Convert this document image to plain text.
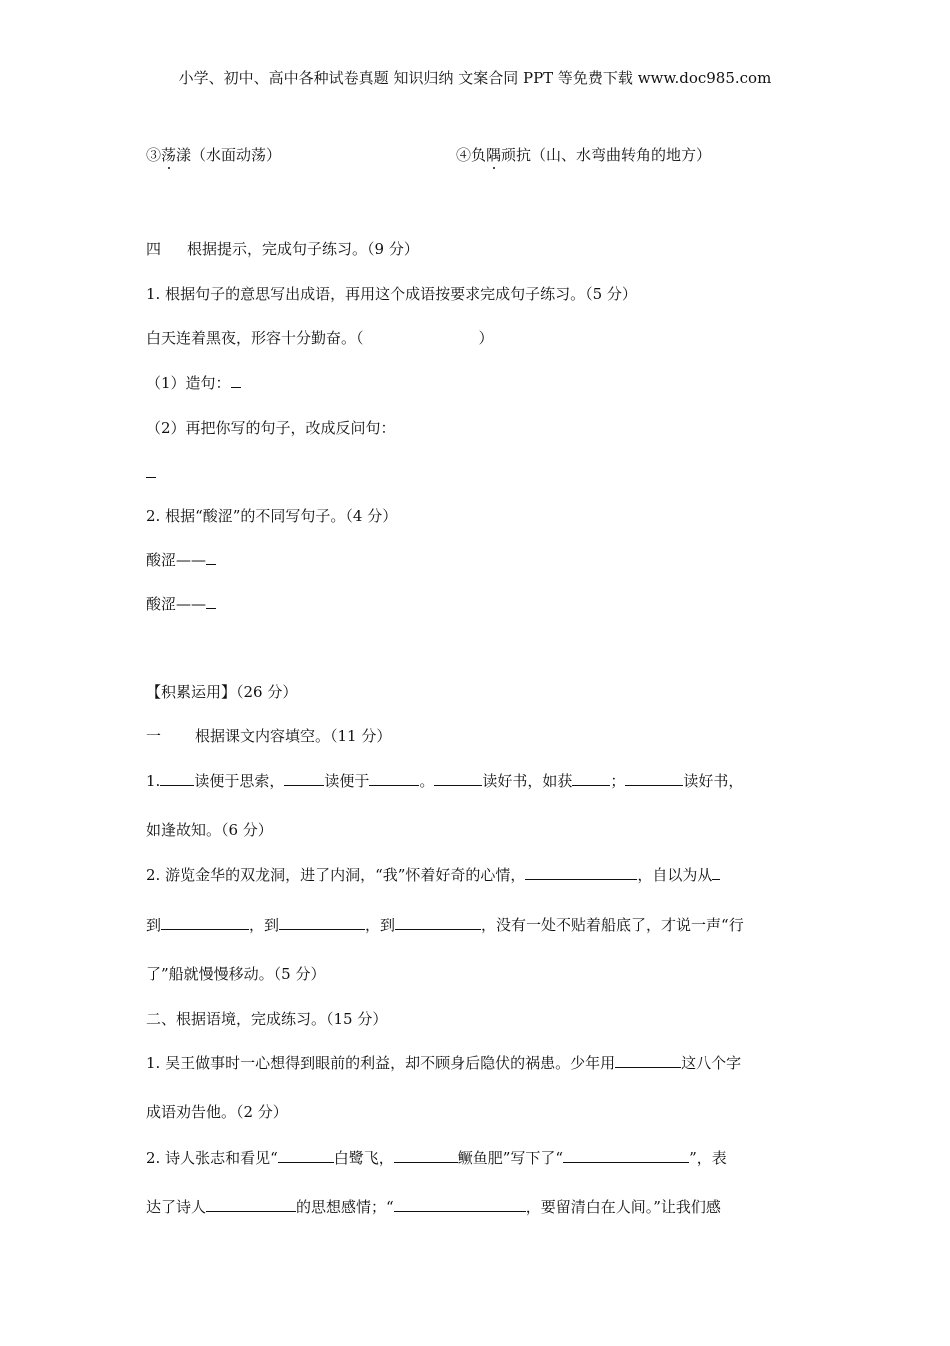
小学、初中、高中各种试卷真题 知识归纳 文案合同 PPT 等免费下载 www.doc985.com
③荡漾（水面动荡）	④负隅顽抗（山、水弯曲转角的地方）
四 根据提示，完成句子练习。（9 分）
1. 根据句子的意思写出成语，再用这个成语按要求完成句子练习。（5 分）
白天连着黑夜，形容十分勤奋。（	）
（1）造句：
（2）再把你写的句子，改成反问句：
2. 根据“酸涩”的不同写句子。（4 分）
酸涩——
酸涩——
【积累运用】（26 分）
一 根据课文内容填空。（11 分）
1. 读便于思索，	读便于	。	读好书，如获	；	读好书，
如逢故知。（6 分）
2. 游览金华的双龙洞，进了内洞，“我”怀着好奇的心情，	，自以为从
到	，到	，到	，没有一处不贴着船底了，才说一声“行
了”船就慢慢移动。（5 分）
二、根据语境，完成练习。（15 分）
1. 吴王做事时一心想得到眼前的利益，却不顾身后隐伏的祸患。少年用	这八个字
成语劝告他。（2 分）
2. 诗人张志和看见“	白鹭飞，	鳜鱼肥”写下了“	”，表
达了诗人	的思想感情；“	，要留清白在人间。”让我们感
